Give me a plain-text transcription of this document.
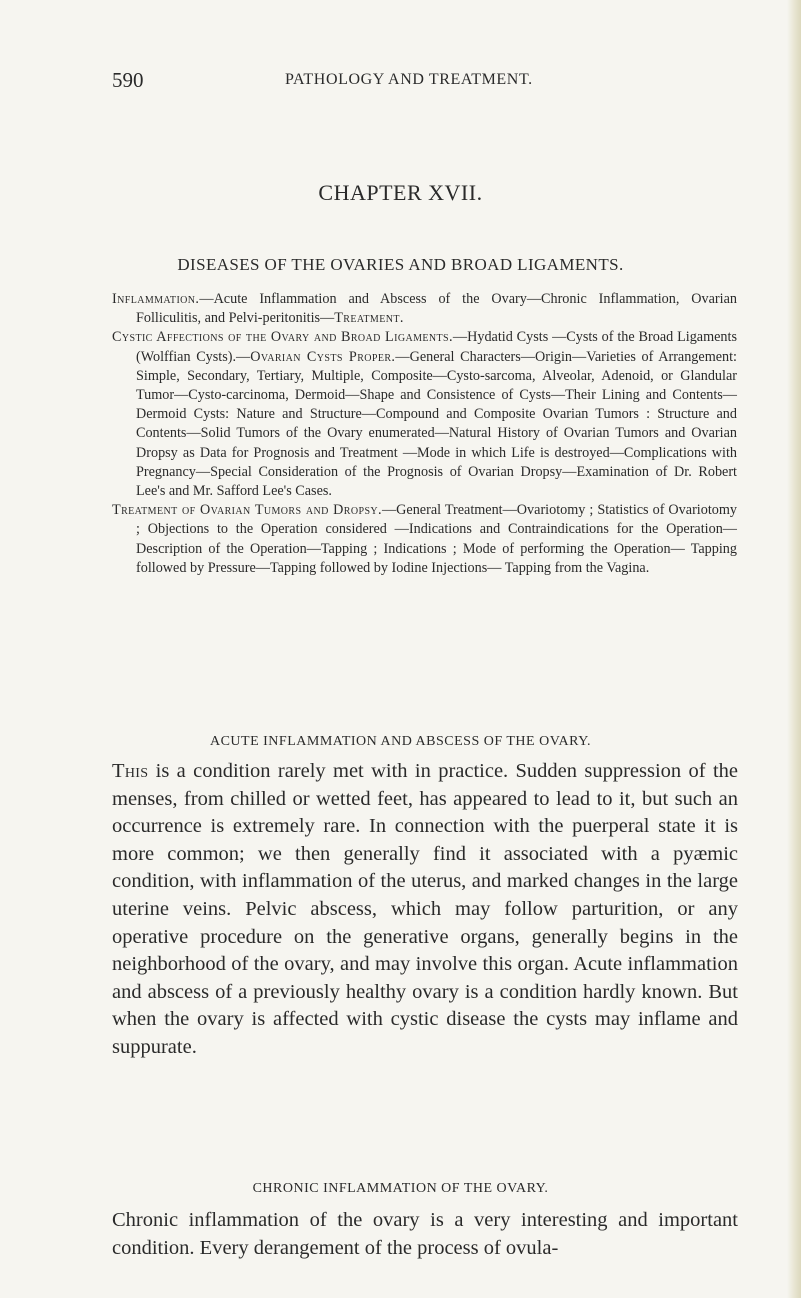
590	PATHOLOGY AND TREATMENT.
CHAPTER XVII.
DISEASES OF THE OVARIES AND BROAD LIGAMENTS.

Inflammation.—Acute Inflammation and Abscess of the Ovary—Chronic Inflammation, Ovarian Folliculitis, and Pelvi-peritonitis—Treatment.

Cystic Affections of the Ovary and Broad Ligaments.—Hydatid Cysts —Cysts of the Broad Ligaments (Wolffian Cysts).—Ovarian Cysts Proper.—General Characters—Origin—Varieties of Arrangement: Simple, Secondary, Tertiary, Multiple, Composite—Cysto-sarcoma, Alveolar, Adenoid, or Glandular Tumor—Cysto-carcinoma, Dermoid—Shape and Consistence of Cysts—Their Lining and Contents—Dermoid Cysts: Nature and Structure—Compound and Composite Ovarian Tumors : Structure and Contents—Solid Tumors of the Ovary enumerated—Natural History of Ovarian Tumors and Ovarian Dropsy as Data for Prognosis and Treatment —Mode in which Life is destroyed—Complications with Pregnancy—Special Consideration of the Prognosis of Ovarian Dropsy—Examination of Dr. Robert Lee's and Mr. Safford Lee's Cases.

Treatment of Ovarian Tumors and Dropsy.—General Treatment—Ovariotomy ; Statistics of Ovariotomy ; Objections to the Operation considered —Indications and Contraindications for the Operation—Description of the Operation—Tapping ; Indications ; Mode of performing the Operation— Tapping followed by Pressure—Tapping followed by Iodine Injections— Tapping from the Vagina.

ACUTE INFLAMMATION AND ABSCESS OF THE OVARY.
This is a condition rarely met with in practice. Sudden suppression of the menses, from chilled or wetted feet, has appeared to lead to it, but such an occurrence is extremely rare. In connection with the puerperal state it is more common; we then generally find it associated with a pyæmic condition, with inflammation of the uterus, and marked changes in the large uterine veins. Pelvic abscess, which may follow parturition, or any operative procedure on the generative organs, generally begins in the neighborhood of the ovary, and may involve this organ. Acute inflammation and abscess of a previously healthy ovary is a condition hardly known. But when the ovary is affected with cystic disease the cysts may inflame and suppurate.
CHRONIC INFLAMMATION OF THE OVARY.
Chronic inflammation of the ovary is a very interesting and important condition. Every derangement of the process of ovula-
